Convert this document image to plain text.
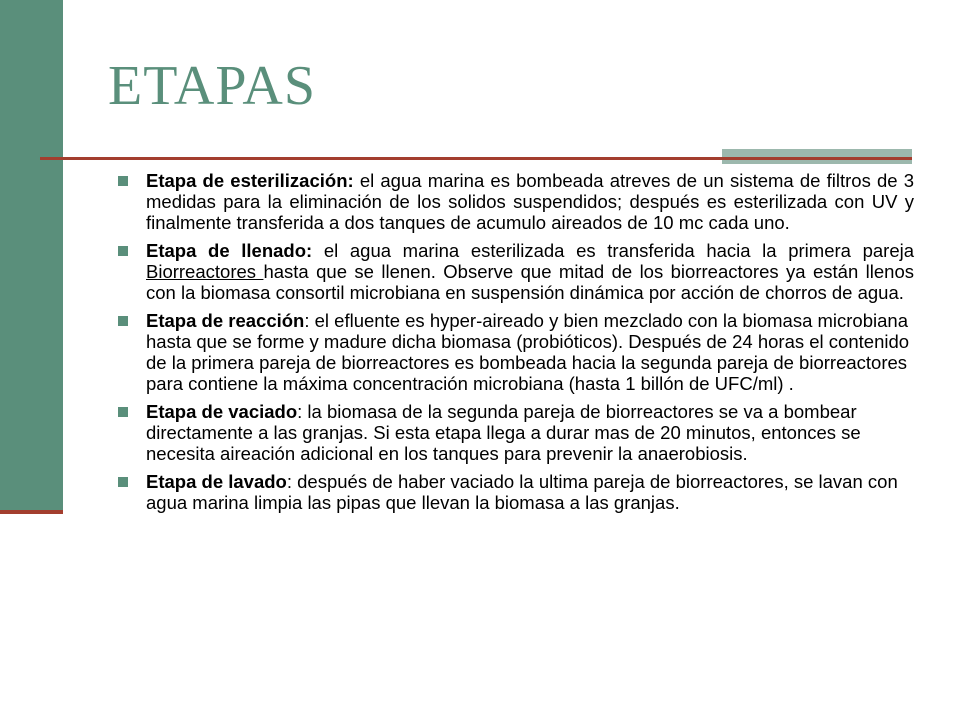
ETAPAS
Etapa de esterilización: el agua marina es bombeada atreves de un sistema de filtros de 3 medidas para la eliminación de los solidos suspendidos; después es esterilizada con UV y finalmente transferida a dos tanques de acumulo aireados de 10 mc cada uno.
Etapa de llenado: el agua marina esterilizada es transferida hacia la primera pareja Biorreactores hasta que se llenen. Observe que mitad de los biorreactores ya están llenos con la biomasa consortil microbiana en suspensión dinámica por acción de chorros de agua.
Etapa de reacción: el efluente es hyper-aireado y bien mezclado con la biomasa microbiana hasta que se forme y madure dicha biomasa (probióticos). Después de 24 horas el contenido de la primera pareja de biorreactores es bombeada hacia la segunda pareja de biorreactores para contiene la máxima concentración microbiana (hasta 1 billón de UFC/ml) .
Etapa de vaciado: la biomasa de la segunda pareja de biorreactores se va a bombear directamente a las granjas. Si esta etapa llega a durar mas de 20 minutos, entonces se necesita aireación adicional en los tanques para prevenir la anaerobiosis.
Etapa de lavado: después de haber vaciado la ultima pareja de biorreactores, se lavan con agua marina limpia las pipas que llevan la biomasa a las granjas.
